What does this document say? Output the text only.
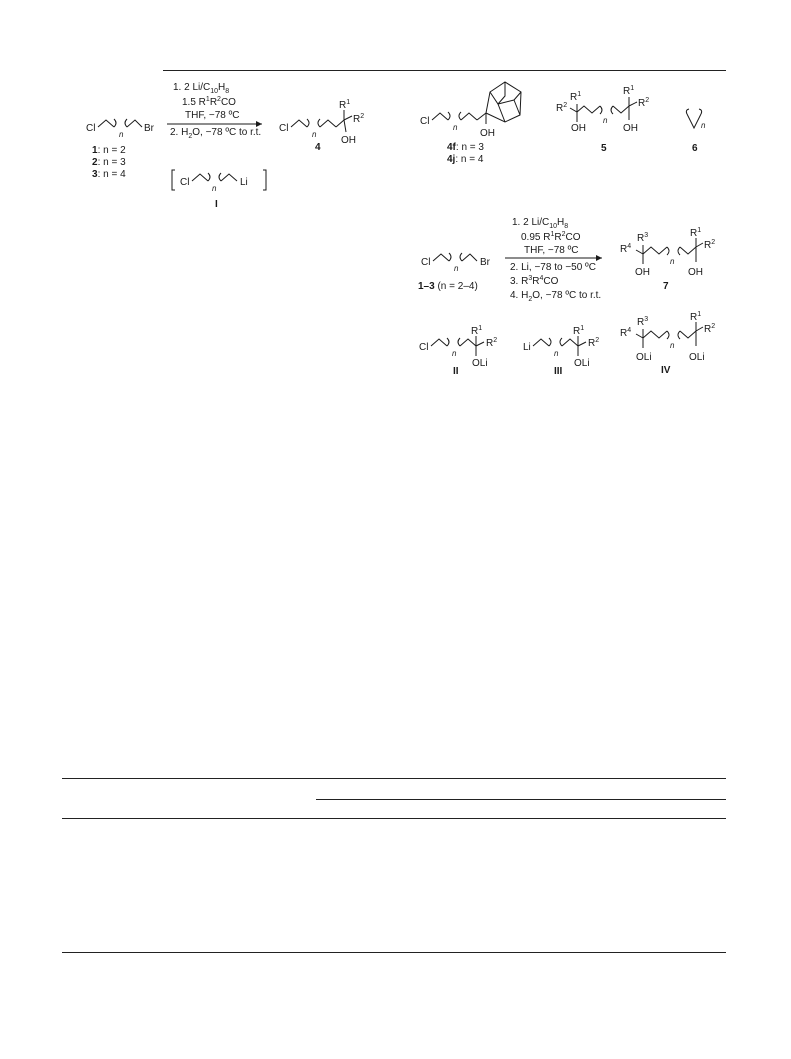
1. 2 $Li/C_{10}H_8$
1.5 $R^1R^2CO$
THF, −78 ºC
2. $H_2O$, −78 ºC to r.t.
Cl
n
Br
1: n = 2
2: n = 3
3: n = 4
Cl
n
$R^1$
$R^2$
OH
4
Cl
n
Li
I
Cl
n
OH
4f: n = 3
4j: n = 4
$R^2$
$R^1$
n
OH
$R^1$
$R^2$
OH
5
n
6
1. 2 $Li/C_{10}H_8$
0.95 $R^1R^2CO$
THF, −78 ºC
2. Li, −78 to −50 ºC
3. $R^3R^4CO$
4. $H_2O$, −78 ºC to r.t.
Cl
n
Br
1–3 (n = 2–4)
$R^4$
$R^3$
n
OH
$R^1$
$R^2$
OH
7
Cl
n
$R^1$
$R^2$
OLi
II
Li
n
$R^1$
$R^2$
OLi
III
$R^4$
$R^3$
n
OLi
$R^1$
$R^2$
OLi
IV
